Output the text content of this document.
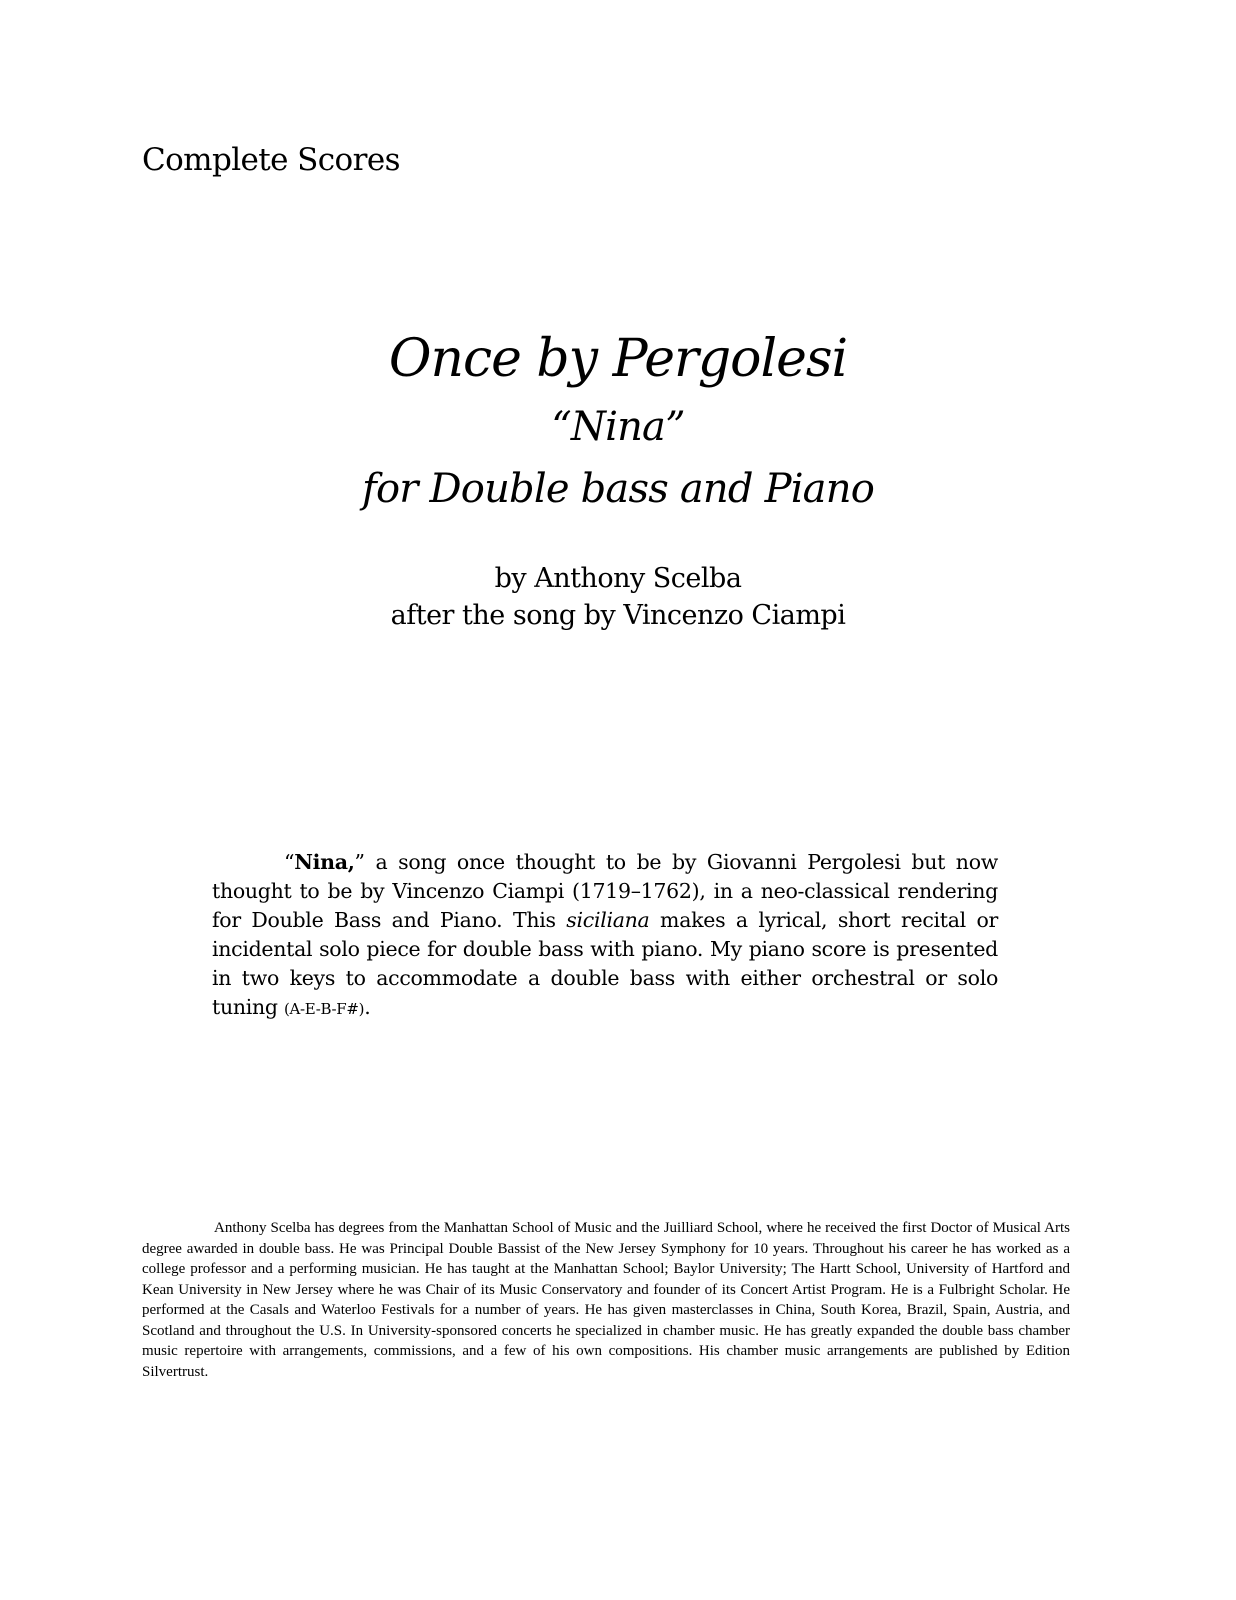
Complete Scores

Once by Pergolesi

“Nina”

for Double bass and Piano

by Anthony Scelba
after the song by Vincenzo Ciampi

“Nina,” a song once thought to be by Giovanni Pergolesi but now thought to be by Vincenzo Ciampi (1719–1762), in a neo-classical rendering for Double Bass and Piano. This siciliana makes a lyrical, short recital or incidental solo piece for double bass with piano. My piano score is presented in two keys to accommodate a double bass with either orchestral or solo tuning (A-E-B-F#).

Anthony Scelba has degrees from the Manhattan School of Music and the Juilliard School, where he received the first Doctor of Musical Arts degree awarded in double bass. He was Principal Double Bassist of the New Jersey Symphony for 10 years. Throughout his career he has worked as a college professor and a performing musician. He has taught at the Manhattan School; Baylor University; The Hartt School, University of Hartford and Kean University in New Jersey where he was Chair of its Music Conservatory and founder of its Concert Artist Program. He is a Fulbright Scholar. He performed at the Casals and Waterloo Festivals for a number of years. He has given masterclasses in China, South Korea, Brazil, Spain, Austria, and Scotland and throughout the U.S. In University-sponsored concerts he specialized in chamber music. He has greatly expanded the double bass chamber music repertoire with arrangements, commissions, and a few of his own compositions. His chamber music arrangements are published by Edition Silvertrust.
